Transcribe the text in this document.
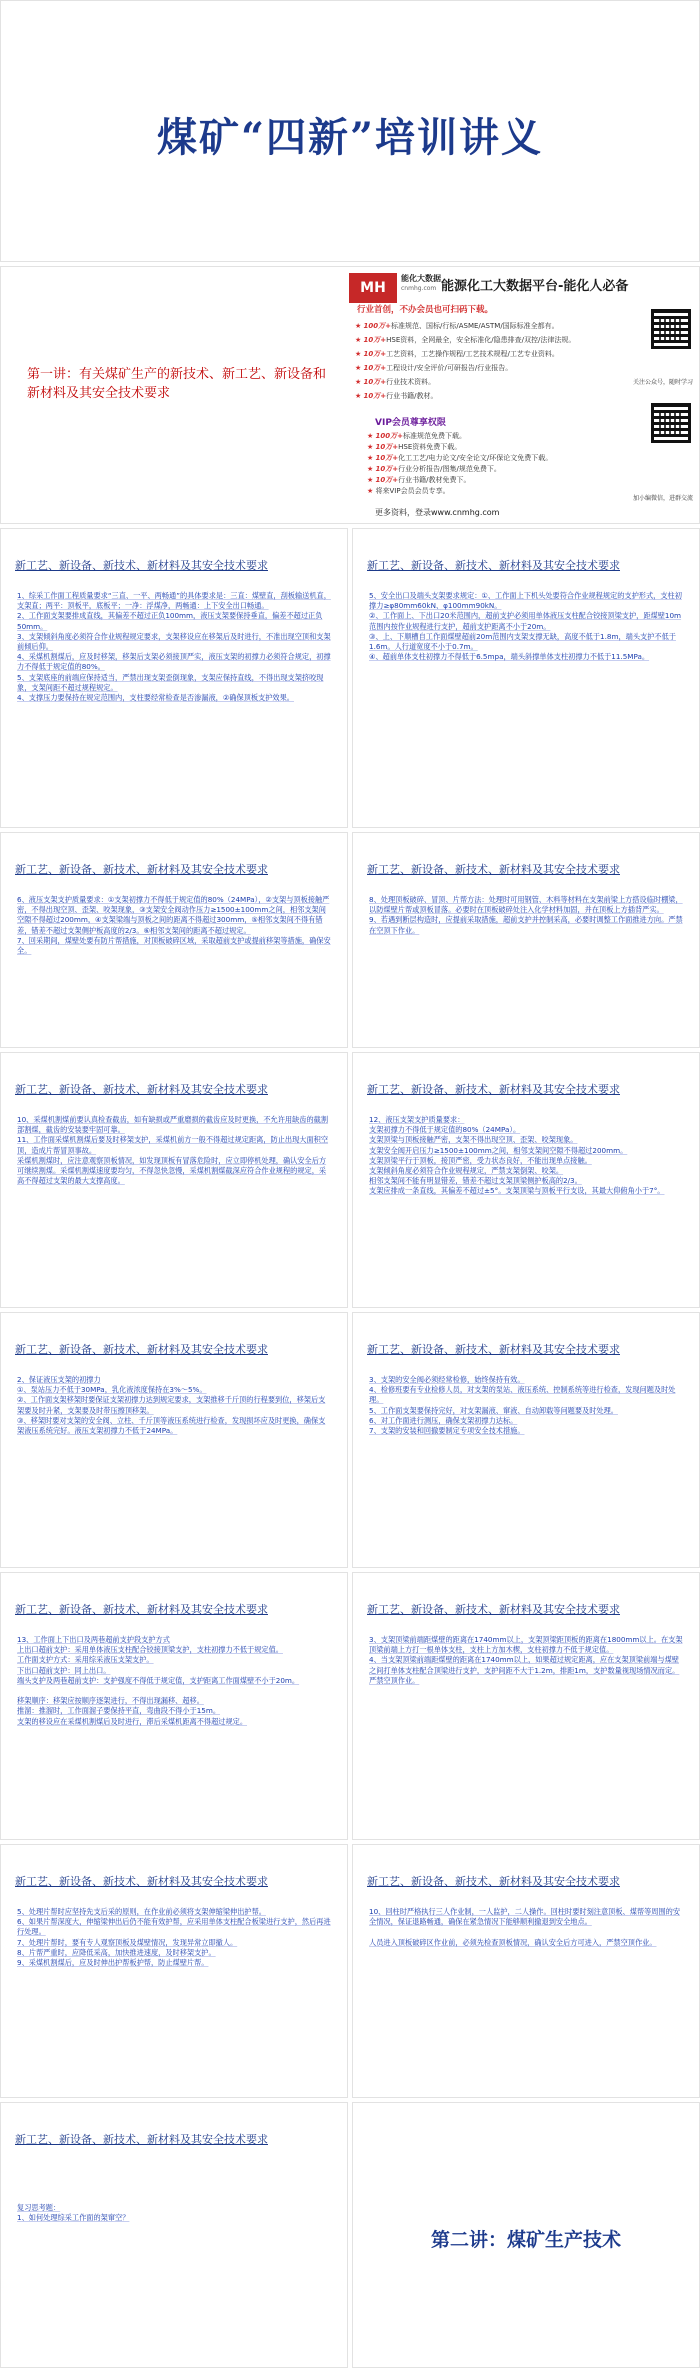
煤矿“四新”培训讲义
第一讲：有关煤矿生产的新技术、新工艺、新设备和新材料及其安全技术要求
MH
能化大数据
cnmhg.com 能源化工大数据平台-能化人必备
行业首创，不办会员也可扫码下载。
★ 100万+标准规范、国标/行标/ASME/ASTM/国际标准全都有。
★ 10万+HSE资料，全网最全，安全标准化/隐患排查/双控/法律法规。
★ 10万+工艺资料，工艺操作规程/工艺技术规程/工艺专业资料。
★ 10万+工程设计/安全评价/可研报告/行业报告。
★ 10万+行业技术资料。
★ 10万+行业书籍/教材。
VIP会员尊享权限
★ 100万+标准规范免费下载。
★ 10万+HSE资料免费下载。
★ 10万+化工工艺/电力论文/安全论文/环保论文免费下载。
★ 10万+行业分析报告/图集/规范免费下。
★ 10万+行业书籍/教材免费下。
★ 将来VIP会员会员专享。
更多资料，登录www.cnmhg.com
关注公众号，随时学习
加小编微信，进群交流
新工艺、新设备、新技术、新材料及其安全技术要求
1、综采工作面工程质量要求“三直、一平、两畅通”的具体要求是：三直：煤壁直，刮板输送机直，支架直；两平：顶板平，底板平；一净：浮煤净，两畅通：上下安全出口畅通。
2、工作面支架要排成直线，其偏差不超过正负100mm，液压支架要保持垂直，偏差不超过正负50mm。
3、支架倾斜角度必须符合作业规程规定要求，支架移设应在移架后及时进行，不准出现空顶和支架前倾后仰。
4、采煤机割煤后，应及时移架，移架后支架必须接顶严实，液压支架的初撑力必须符合规定，初撑力不得低于规定值的80%。
5、支架底座的前端应保持适当，严禁出现支架歪倒现象，支架应保持直线，不得出现支架挤咬现象，支架间距不超过规程规定。
4、支撑压力要保持在规定范围内，支柱要经常检查是否渗漏液，②确保顶板支护效果。
新工艺、新设备、新技术、新材料及其安全技术要求
5、安全出口及端头支架要求规定：①、工作面上下机头处要符合作业规程规定的支护形式，支柱初撑力≥φ80mm60kN、φ100mm90kN。
②、工作面上、下出口20米范围内，超前支护必须用单体液压支柱配合铰接顶梁支护，距煤壁10m范围内按作业规程进行支护，超前支护距离不小于20m。
③、上、下顺槽自工作面煤壁超前20m范围内支架支撑无缺，高度不低于1.8m，端头支护不低于1.6m。人行道宽度不小于0.7m。
④、超前单体支柱初撑力不得低于6.5mpa，端头斜撑单体支柱初撑力不低于11.5MPa。
新工艺、新设备、新技术、新材料及其安全技术要求
6、液压支架支护质量要求：①支架初撑力不得低于规定值的80%（24MPa），②支架与顶板接触严密，不得出现空顶、歪架、咬架现象，③支架安全阀动作压力≥1500±100mm之间，相邻支架间空隙不得超过200mm，④支架梁端与顶板之间的距离不得超过300mm，⑤相邻支架间不得有错差，错差不超过支架侧护板高度的2/3。⑥相邻支架间的距离不超过规定。
7、回采期间，煤壁处要有防片帮措施，对顶板破碎区域，采取超前支护或提前移架等措施，确保安全。
新工艺、新设备、新技术、新材料及其安全技术要求
8、处理顶板破碎、冒顶、片帮方法：处理时可用钢管、木料等材料在支架前梁上方搭设临时棚梁，以防煤壁片帮或顶板冒落。必要时在顶板破碎处注入化学材料加固，并在顶板上方插背严实。
9、若遇到断层构造时，应提前采取措施，超前支护并控制采高，必要时调整工作面推进方向。严禁在空顶下作业。
新工艺、新设备、新技术、新材料及其安全技术要求
10、采煤机割煤前要认真检查截齿，如有缺损或严重磨损的截齿应及时更换，不允许用缺齿的截割部割煤，截齿的安装要牢固可靠。
11、工作面采煤机割煤后要及时移架支护，采煤机前方一般不得超过规定距离，防止出现大面积空顶，造成片帮冒顶事故。
采煤机割煤时，应注意观察顶板情况，如发现顶板有冒落危险时，应立即停机处理，确认安全后方可继续割煤。采煤机割煤速度要均匀，不得忽快忽慢，采煤机割煤截深应符合作业规程的规定，采高不得超过支架的最大支撑高度。
新工艺、新设备、新技术、新材料及其安全技术要求
12、液压支架支护质量要求：
支架初撑力不得低于规定值的80%（24MPa）。
支架顶梁与顶板接触严密，支架不得出现空顶、歪架、咬架现象。
支架安全阀开启压力≥1500±100mm之间，相邻支架间空隙不得超过200mm。
支架顶梁平行于顶板，接顶严密，受力状态良好，不能出现单点接触。
支架倾斜角度必须符合作业规程规定，严禁支架倒架、咬架。
相邻支架间不能有明显错差，错差不超过支架顶梁侧护板高的2/3。
支架应排成一条直线，其偏差不超过±5°。支架顶梁与顶板平行支设，其最大仰俯角小于7°。
新工艺、新设备、新技术、新材料及其安全技术要求
2、保证液压支架的初撑力
①、泵站压力不低于30MPa，乳化液浓度保持在3%～5%。
②、工作面支架移架时要保证支架初撑力达到规定要求，支架推移千斤顶的行程要到位，移架后支架要及时升紧，支架要及时带压擦顶移架。
③、移架时要对支架的安全阀、立柱、千斤顶等液压系统进行检查，发现损坏应及时更换，确保支架液压系统完好。液压支架初撑力不低于24MPa。
新工艺、新设备、新技术、新材料及其安全技术要求
3、支架的安全阀必须经常检修，始终保持有效。
4、检修班要有专业检修人员，对支架的泵站、液压系统、控制系统等进行检查，发现问题及时处理。
5、工作面支架要保持完好，对支架漏液、窜液、自动卸载等问题要及时处理。
6、对工作面进行测压，确保支架初撑力达标。
7、支架的安装和回撤要制定专项安全技术措施。
新工艺、新设备、新技术、新材料及其安全技术要求
13、工作面上下出口及两巷超前支护段支护方式
上出口超前支护：采用单体液压支柱配合铰接顶梁支护，支柱初撑力不低于规定值。
工作面支护方式：采用综采液压支架支护。
下出口超前支护：同上出口。
端头支护及两巷超前支护：支护强度不得低于规定值，支护距离工作面煤壁不小于20m。

移架顺序：移架应按顺序逐架进行，不得出现漏移、超移。
推溜：推溜时，工作面溜子要保持平直，弯曲段不得小于15m。
支架的移设应在采煤机割煤后及时进行，滞后采煤机距离不得超过规定。
新工艺、新设备、新技术、新材料及其安全技术要求
3、支架顶梁前端距煤壁的距离在1740mm以上，支架顶梁距顶板的距离在1800mm以上。在支架顶梁前端上方打一根单体支柱，支柱上方加木楔，支柱初撑力不低于规定值。
4、当支架顶梁前端距煤壁的距离在1740mm以上，如果超过规定距离，应在支架顶梁前端与煤壁之间打单体支柱配合顶梁进行支护，支护间距不大于1.2m，排距1m，支护数量视现场情况而定。严禁空顶作业。
新工艺、新设备、新技术、新材料及其安全技术要求
5、处理片帮时应坚持先支后采的原则，在作业前必须将支架伸缩梁伸出护帮。
6、如果片帮深度大，伸缩梁伸出后仍不能有效护帮，应采用单体支柱配合板梁进行支护，然后再进行处理。
7、处理片帮时，要有专人观察顶板及煤壁情况，发现异常立即撤人。
8、片帮严重时，应降低采高，加快推进速度，及时移架支护。
9、采煤机割煤后，应及时伸出护帮板护帮，防止煤壁片帮。
新工艺、新设备、新技术、新材料及其安全技术要求
10、回柱时严格执行三人作业制，一人监护，二人操作。回柱时要时刻注意顶板、煤帮等周围的安全情况，保证退路畅通，确保在紧急情况下能够顺利撤退到安全地点。

人员进入顶板破碎区作业前，必须先检查顶板情况，确认安全后方可进入，严禁空顶作业。
新工艺、新设备、新技术、新材料及其安全技术要求
复习思考题：
1、如何处理综采工作面的架窜空？
第二讲：煤矿生产技术
